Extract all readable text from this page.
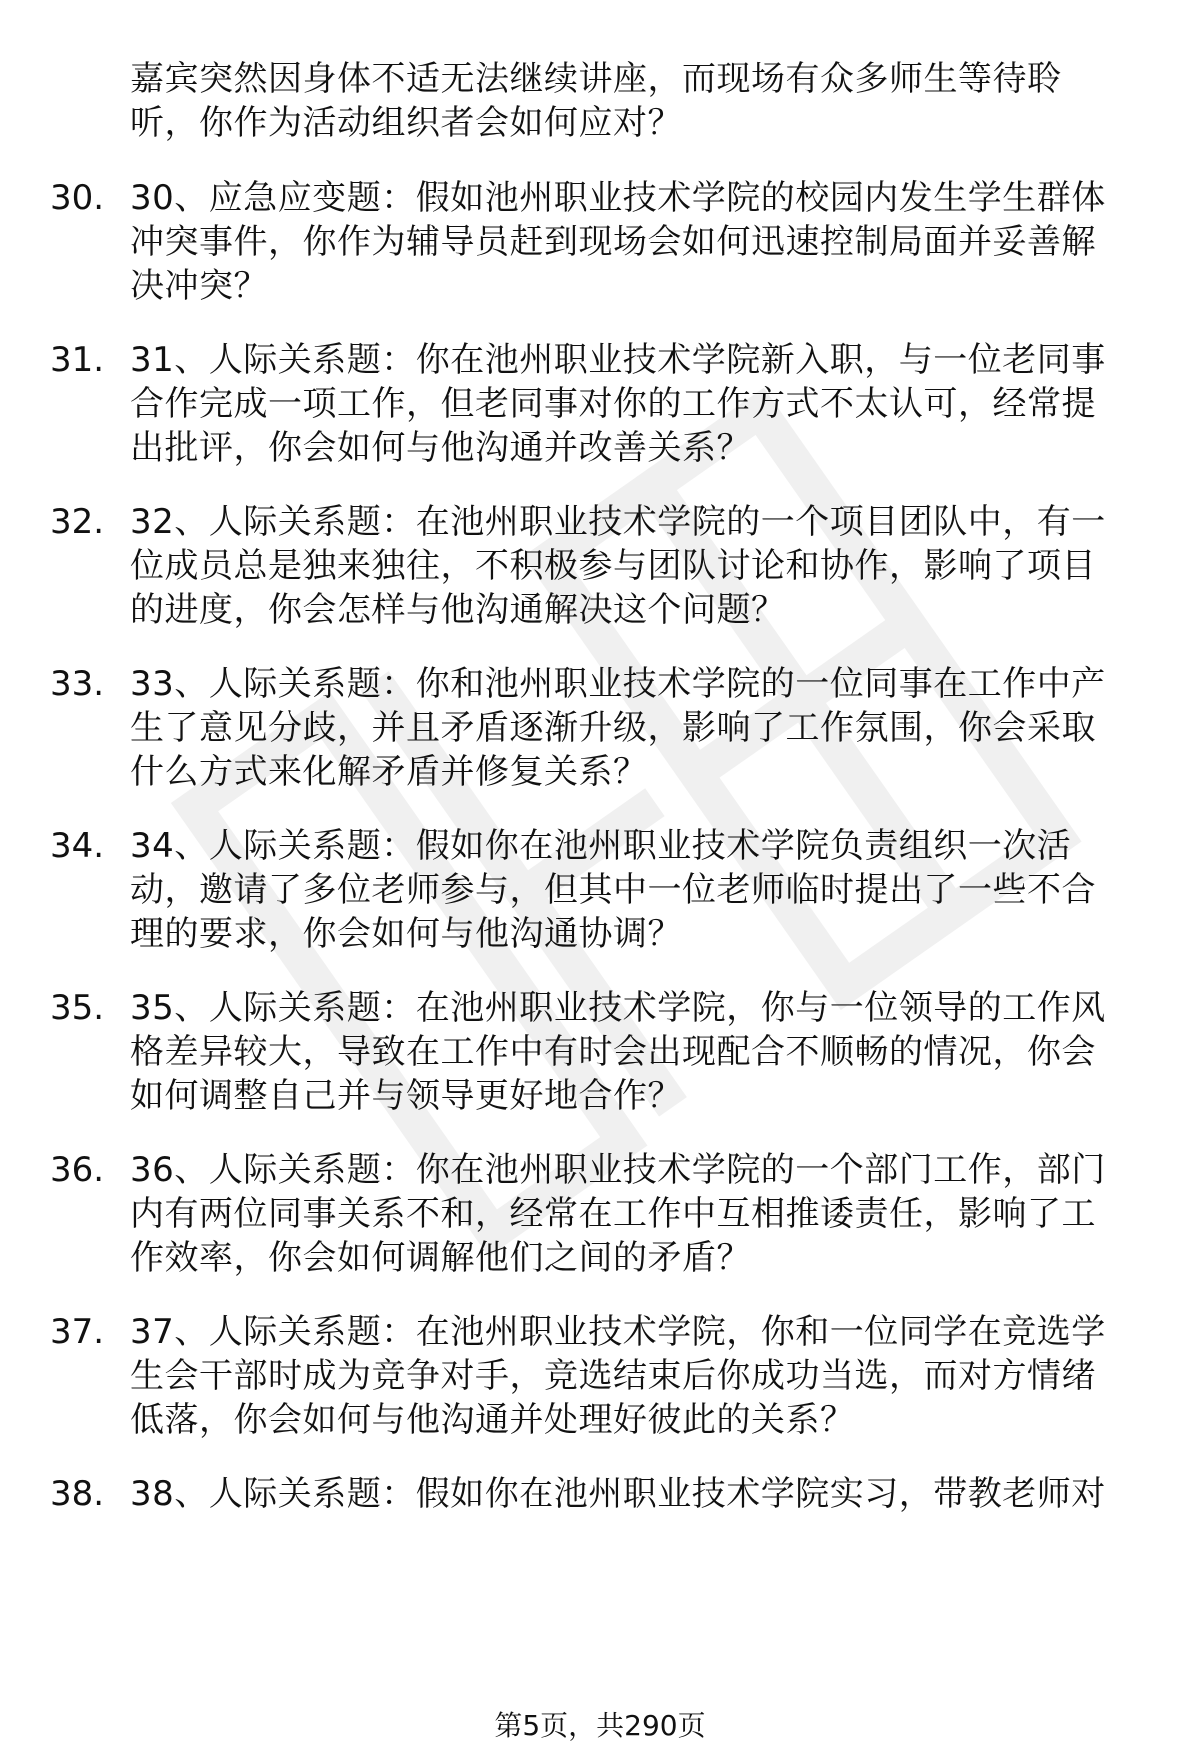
嘉宾突然因身体不适无法继续讲座，而现场有众多师生等待聆
听，你作为活动组织者会如何应对？
30. 30、应急应变题：假如池州职业技术学院的校园内发生学生群体
冲突事件，你作为辅导员赶到现场会如何迅速控制局面并妥善解
决冲突？
31. 31、人际关系题：你在池州职业技术学院新入职，与一位老同事
合作完成一项工作，但老同事对你的工作方式不太认可，经常提
出批评，你会如何与他沟通并改善关系？
32. 32、人际关系题：在池州职业技术学院的一个项目团队中，有一
位成员总是独来独往，不积极参与团队讨论和协作，影响了项目
的进度，你会怎样与他沟通解决这个问题？
33. 33、人际关系题：你和池州职业技术学院的一位同事在工作中产
生了意见分歧，并且矛盾逐渐升级，影响了工作氛围，你会采取
什么方式来化解矛盾并修复关系？
34. 34、人际关系题：假如你在池州职业技术学院负责组织一次活
动，邀请了多位老师参与，但其中一位老师临时提出了一些不合
理的要求，你会如何与他沟通协调？
35. 35、人际关系题：在池州职业技术学院，你与一位领导的工作风
格差异较大，导致在工作中有时会出现配合不顺畅的情况，你会
如何调整自己并与领导更好地合作？
36. 36、人际关系题：你在池州职业技术学院的一个部门工作，部门
内有两位同事关系不和，经常在工作中互相推诿责任，影响了工
作效率，你会如何调解他们之间的矛盾？
37. 37、人际关系题：在池州职业技术学院，你和一位同学在竞选学
生会干部时成为竞争对手，竞选结束后你成功当选，而对方情绪
低落，你会如何与他沟通并处理好彼此的关系？
38. 38、人际关系题：假如你在池州职业技术学院实习，带教老师对
第5页，共290页
